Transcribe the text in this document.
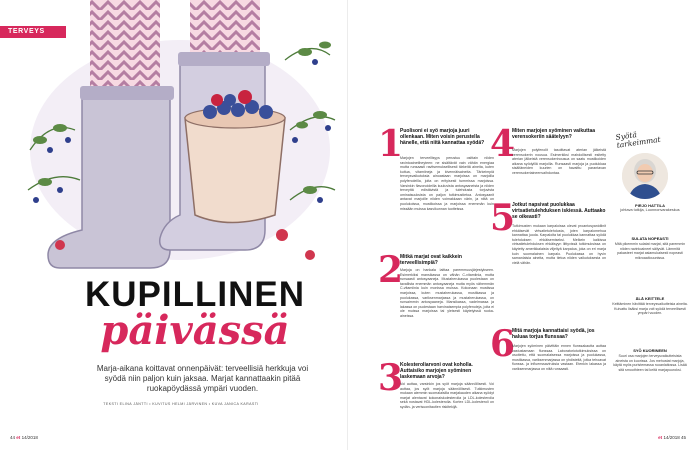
TERVEYS
KUPILLINEN
päivässä
Marja-aikana koittavat onnenpäivät: terveellisiä herkkuja voi syödä niin paljon kuin jaksaa. Marjat kannattaakin pitää ruokapöydässä ympäri vuoden.
TEKSTI ELINA JÄNTTI • KUVITUS HELMI JÄRVINEN • KUVA JANICA KARASTI
44 et 14/2018
1
Puolisoni ei syö marjoja juuri ollenkaan. Miten voisin perustella hänelle, että niitä kannattaa syödä?
Marjojen terveellisyys perustuu osittain niiden ravintoainetiheyteen: ne sisältävät vain vähän energiaa mutta runsaasti ravitsemuksellisesti tärkeitä aineita, kuten kuitua, vitamiineja ja kivennäisaineita. Tärkeimpiä terveysvaikutuksia ainoastaan marjoissa on marjoilla polyfenoleilla, joita on erityisesti tummissa marjoissa. Varsinkin flavonoideilla kuuluvista antosyaaneista ja niiden terveyttä edistävistä ja tulehdusta torjuvista ominaisuuksista on paljon tutkimustietoa. Antosyaanit antavat marjoille niiden voimakkaan värin, ja niitä on puolukoissa, mustikoissa ja marjoissa enemmän kuin missään muissa kasvikunnan tuotteissa.
2
Mitkä marjat ovat kaikkein terveellisimpiä?
Marjoja on hankala laittaa paremmuusjärjestykseen. Esimerkiksi mansikassa on vähän C-vitamiinia, mutta runsaasti antosyaaneja. Mustaherukassa puolestaan on tavallista enemmän antosyaaneja mutta myös vähemmän C-vitamiinia kuin monissa muissa. Kokonaan mustissa marjoissa, kuten mustaherukassa, mustikassa ja puolukassa, variksenmarjassa ja mustaherukassa, on runsaimmin antosyaaneja. Mansikassa, vadelmassa ja lakassa on puolestaan harvinaisempia polyfenoleja, joita ei ole muissa marjoissa tai yleisesti käytetyissä ruoka-aineissa.
3
Kolesteroliarvoni ovat koholla. Auttaisiko marjojen syöminen laskemaan arvoja?
Voi auttaa, varsinkin jos syöt marjoja säännöllisesti. Voi auttaa, jos syöt marjoja säännöllisesti. Tutkimusten mukaan aiemmin suomalaisilla marjakauden aikana syödyt marjat alentavat kokonaiskolesterolia ja LDL-kolesterolia sekä nostavat HDL-kolesterolia. Kortex LDL-kolesteroli on sydän- ja verisuonitautien riskitekijä.
4
Miten marjojen syöminen vaikuttaa verensokeriin säätelyyn?
Marjojen polyfenolit tasoittavat aterian jälkeistä verensokerin nousua. Esimerkiksi mahdollisesti esitetty aterian jälkeistä verensokerinousua on saatu mustikoiden aikana syödyillä marjoilla. Runsaasti marjoja ja puolukkaa sisältäneiden kuurien on havaittu parantavan verensokeriaineenvaihduntaa.
5
Jotkut napsivat puolukkaa virtsatietulehduksen iskiessä. Auttaako se oikeasti?
Tutkimusten mukaan karpaloissa olevat proantosyanidiinit ehkäisevät virtsatietulehdusta, joten karpalomehua kannattaa juoda. Karpaloita tai puolukkaa kannattaa syödä tulehduksen ehkäisemiseksi. Melkein kaikissa virtsatietulehduksen ehkäisyyn liittyvissä tutkimuksissa on käytetty amerikkalaista viljeltyä karpaloa, joka on eri marja kuin suomalainen karpalo. Puolukassa on hyvin samanlaisia aineita, mutta tietoa niiden vaikutuksesta on vielä vähän.
6
Mitä marjoja kannattaisi syödä, jos haluaa torjua flunssaa?
Marjojen syöminen päivittäin ennen flunssakautta auttaa vastustamaan flunssaa. Laboratoriotutkimuksissa on osoitettu, että suomalaisessa marjoissa ja puolukassa, mustikassa, variksenmarjassa on yhdisteitä, jotka tehoavat flunssa- ja influenssaviruksia vastaan. Etenkin lakassa ja variksenmarjassa on niitä runsaasti.
Syötä tarkeimmat
PIRJO HATTILA
johtava tutkija, Luonnonvarakeskus
SULATA NOPEASTI
Mitä pikemmin sulatat marjat, sitä paremmin niiden ravintoaineet säilyvät. Lämmitä pakasteet marjat asiamukaisesti nopeasti mikroaaltouunissa.
ÄLÄ KEITTELE
Keittäminen hävittää terveysvaikutteisia aineita. Kuivattu lisäksi marja voit syödä terveellisesti ympäri vuoden.
SYÖ KUORINEEN
Suuri osa marjojen terveysvaikutteisista aineista on kuorissa. Jos mehustat marjoja, käytä myös puristemassa ruoanlaitossa. Lisää sitä smoothieen tai keitä marjapuuroksi.
et 14/2018 45
